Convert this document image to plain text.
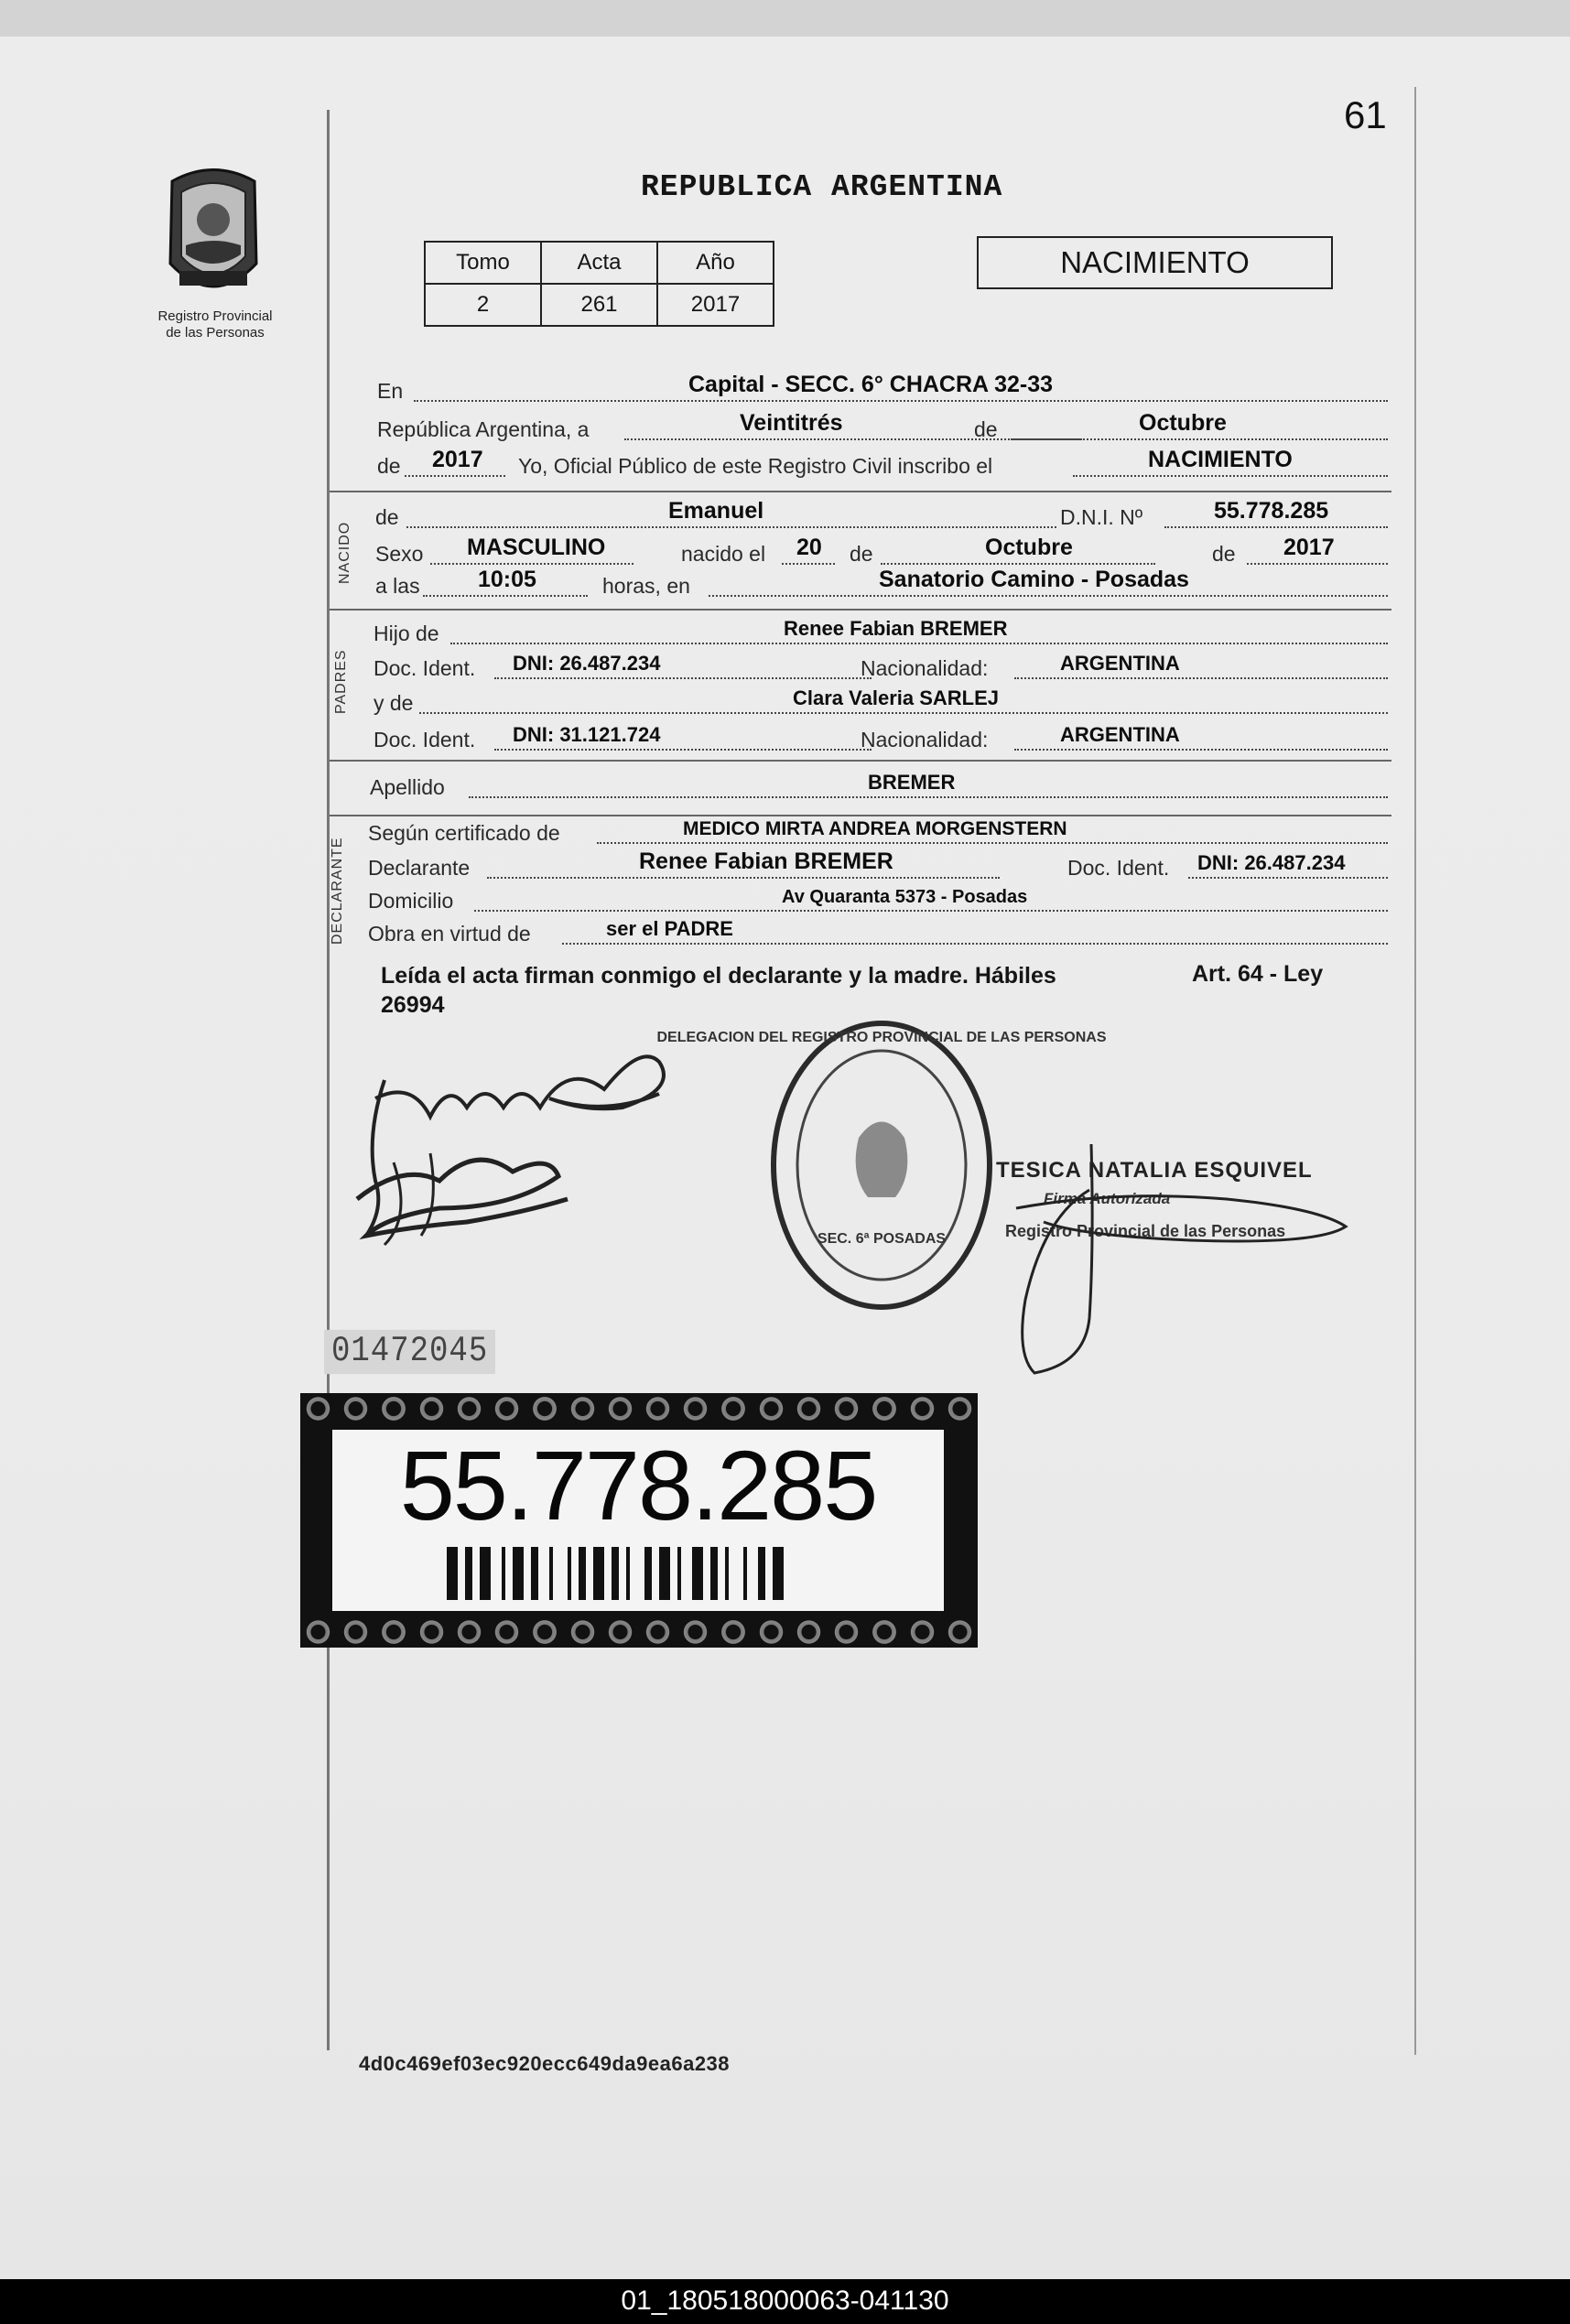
61
Registro Provincial
de las Personas
REPUBLICA ARGENTINA
Tomo	Acta	Año
2	261	2017
NACIMIENTO
En	Capital - SECC. 6° CHACRA 32-33
República Argentina, a	Veintitrés	de	Octubre
de 2017 Yo, Oficial Público de este Registro Civil inscribo el	NACIMIENTO
NACIDO
de	Emanuel	D.N.I. Nº	55.778.285
Sexo MASCULINO	nacido el 20 de	Octubre	de 2017
a las	10:05	horas, en	Sanatorio Camino - Posadas
PADRES
Hijo de	Renee Fabian BREMER
Doc. Ident. DNI: 26.487.234	Nacionalidad:	ARGENTINA
y de	Clara Valeria SARLEJ
Doc. Ident. DNI: 31.121.724	Nacionalidad:	ARGENTINA
Apellido	BREMER
DECLARANTE
Según certificado de	MEDICO MIRTA ANDREA MORGENSTERN
Declarante	Renee Fabian BREMER	Doc. Ident. DNI: 26.487.234
Domicilio	Av Quaranta 5373 - Posadas
Obra en virtud de	ser el PADRE
Leída el acta firman conmigo el declarante y la madre. Hábiles
26994
Art. 64 - Ley
DELEGACION DEL REGISTRO PROVINCIAL DE LAS PERSONAS
SEC. 6ª POSADAS
TESICA NATALIA ESQUIVEL
Firma Autorizada
Registro Provincial de las Personas
01472045
55.778.285
4d0c469ef03ec920ecc649da9ea6a238
01_180518000063-041130
